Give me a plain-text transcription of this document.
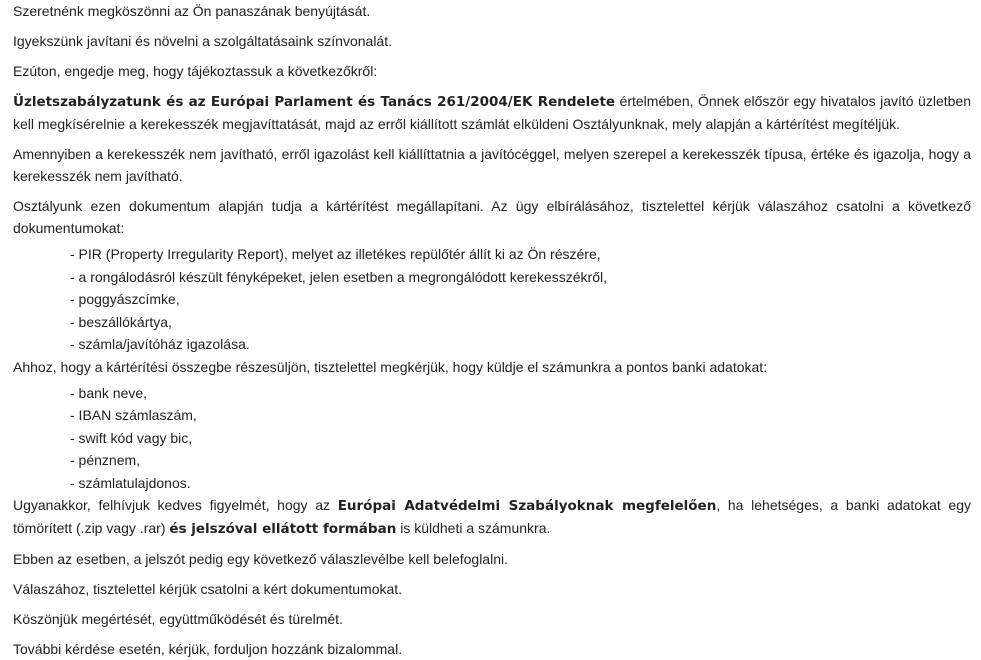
Szeretnénk megköszönni az Ön panaszának benyújtását.

Igyekszünk javítani és növelni a szolgáltatásaink színvonalát.

Ezúton, engedje meg, hogy tájékoztassuk a következőkről:

Üzletszabályzatunk és az Európai Parlament és Tanács 261/2004/EK Rendelete értelmében, Önnek először egy hivatalos javító üzletben kell megkísérelnie a kerekesszék megjavíttatását, majd az erről kiállított számlát elküldeni Osztályunknak, mely alapján a kártérítést megítéljük.

Amennyiben a kerekesszék nem javítható, erről igazolást kell kiállíttatnia a javítócéggel, melyen szerepel a kerekesszék típusa, értéke és igazolja, hogy a kerekesszék nem javítható.

Osztályunk ezen dokumentum alapján tudja a kártérítést megállapítani. Az ügy elbírálásához, tisztelettel kérjük válaszához csatolni a következő dokumentumokat:

- PIR (Property Irregularity Report), melyet az illetékes repülőtér állít ki az Ön részére,
- a rongálodásról készült fényképeket, jelen esetben a megrongálódott kerekesszékről,
- poggyászcímke,
- beszállókártya,
- számla/javítóház igazolása.

Ahhoz, hogy a kártérítési összegbe részesüljön, tisztelettel megkérjük, hogy küldje el számunkra a pontos banki adatokat:

- bank neve,
- IBAN számlaszám,
- swift kód vagy bic,
- pénznem,
- számlatulajdonos.

Ugyanakkor, felhívjuk kedves figyelmét, hogy az Európai Adatvédelmi Szabályoknak megfelelően, ha lehetséges, a banki adatokat egy tömörített (.zip vagy .rar) és jelszóval ellátott formában is küldheti a számunkra.

Ebben az esetben, a jelszót pedig egy következő válaszlevélbe kell belefoglalni.

Válaszához, tisztelettel kérjük csatolni a kért dokumentumokat.

Köszönjük megértését, együttműködését és türelmét.

További kérdése esetén, kérjük, forduljon hozzánk bizalommal.
